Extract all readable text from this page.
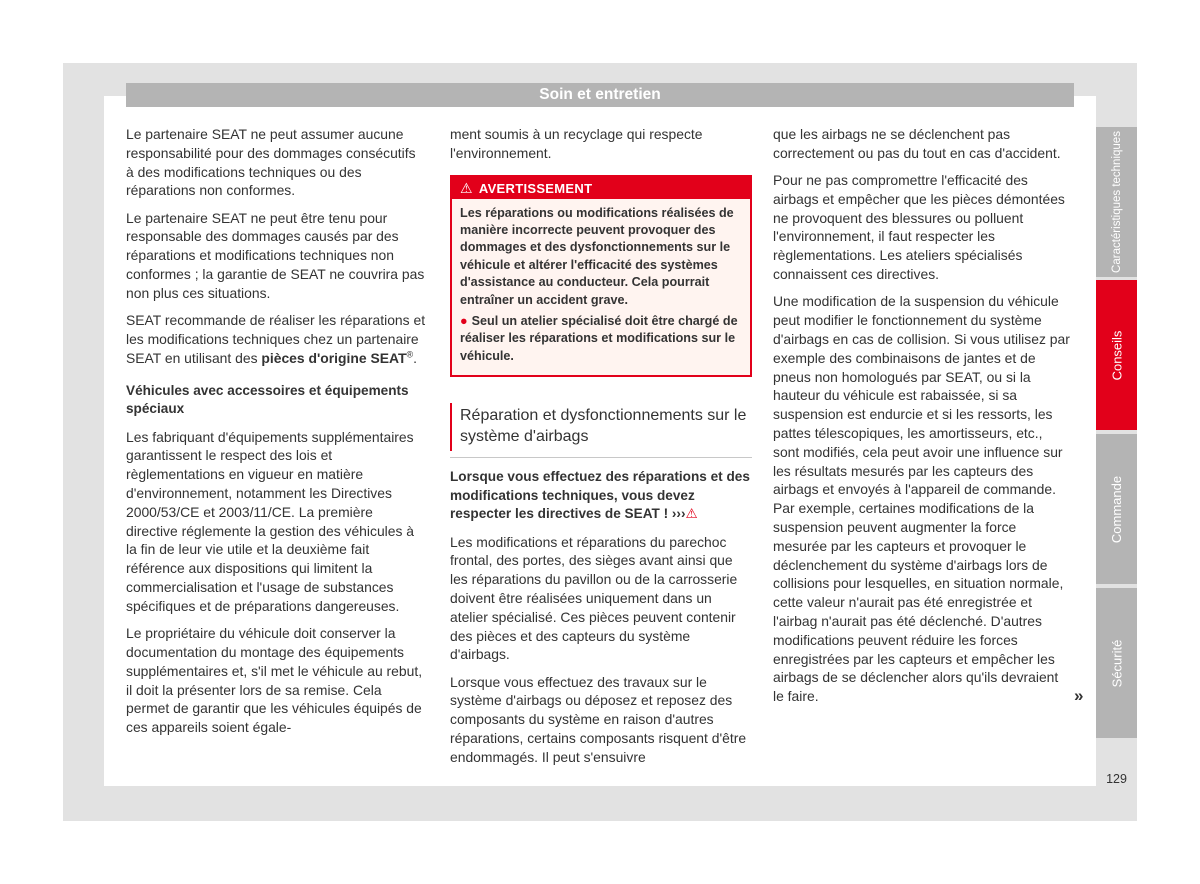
Soin et entretien

Le partenaire SEAT ne peut assumer aucune responsabilité pour des dommages consécutifs à des modifications techniques ou des réparations non conformes.

Le partenaire SEAT ne peut être tenu pour responsable des dommages causés par des réparations et modifications techniques non conformes ; la garantie de SEAT ne couvrira pas non plus ces situations.

SEAT recommande de réaliser les réparations et les modifications techniques chez un partenaire SEAT en utilisant des pièces d'origine SEAT®.

Véhicules avec accessoires et équipements spéciaux

Les fabriquant d'équipements supplémentaires garantissent le respect des lois et règlementations en vigueur en matière d'environnement, notamment les Directives 2000/53/CE et 2003/11/CE. La première directive réglemente la gestion des véhicules à la fin de leur vie utile et la deuxième fait référence aux dispositions qui limitent la commercialisation et l'usage de substances spécifiques et de préparations dangereuses.

Le propriétaire du véhicule doit conserver la documentation du montage des équipements supplémentaires et, s'il met le véhicule au rebut, il doit la présenter lors de sa remise. Cela permet de garantir que les véhicules équipés de ces appareils soient égale-

ment soumis à un recyclage qui respecte l'environnement.

⚠ AVERTISSEMENT

Les réparations ou modifications réalisées de manière incorrecte peuvent provoquer des dommages et des dysfonctionnements sur le véhicule et altérer l'efficacité des systèmes d'assistance au conducteur. Cela pourrait entraîner un accident grave.

● Seul un atelier spécialisé doit être chargé de réaliser les réparations et modifications sur le véhicule.

Réparation et dysfonctionnements sur le système d'airbags

Lorsque vous effectuez des réparations et des modifications techniques, vous devez respecter les directives de SEAT ! ›››⚠

Les modifications et réparations du parechoc frontal, des portes, des sièges avant ainsi que les réparations du pavillon ou de la carrosserie doivent être réalisées uniquement dans un atelier spécialisé. Ces pièces peuvent contenir des pièces et des capteurs du système d'airbags.

Lorsque vous effectuez des travaux sur le système d'airbags ou déposez et reposez des composants du système en raison d'autres réparations, certains composants risquent d'être endommagés. Il peut s'ensuivre

que les airbags ne se déclenchent pas correctement ou pas du tout en cas d'accident.

Pour ne pas compromettre l'efficacité des airbags et empêcher que les pièces démontées ne provoquent des blessures ou polluent l'environnement, il faut respecter les règlementations. Les ateliers spécialisés connaissent ces directives.

Une modification de la suspension du véhicule peut modifier le fonctionnement du système d'airbags en cas de collision. Si vous utilisez par exemple des combinaisons de jantes et de pneus non homologués par SEAT, ou si la hauteur du véhicule est rabaissée, si sa suspension est endurcie et si les ressorts, les pattes télescopiques, les amortisseurs, etc., sont modifiés, cela peut avoir une influence sur les résultats mesurés par les capteurs des airbags et envoyés à l'appareil de commande. Par exemple, certaines modifications de la suspension peuvent augmenter la force mesurée par les capteurs et provoquer le déclenchement du système d'airbags lors de collisions pour lesquelles, en situation normale, cette valeur n'aurait pas été enregistrée et l'airbag n'aurait pas été déclenché. D'autres modifications peuvent réduire les forces enregistrées par les capteurs et empêcher les airbags de se déclencher alors qu'ils devraient le faire.	»
Caractéristiques techniques
Conseils
Commande
Sécurité
129
